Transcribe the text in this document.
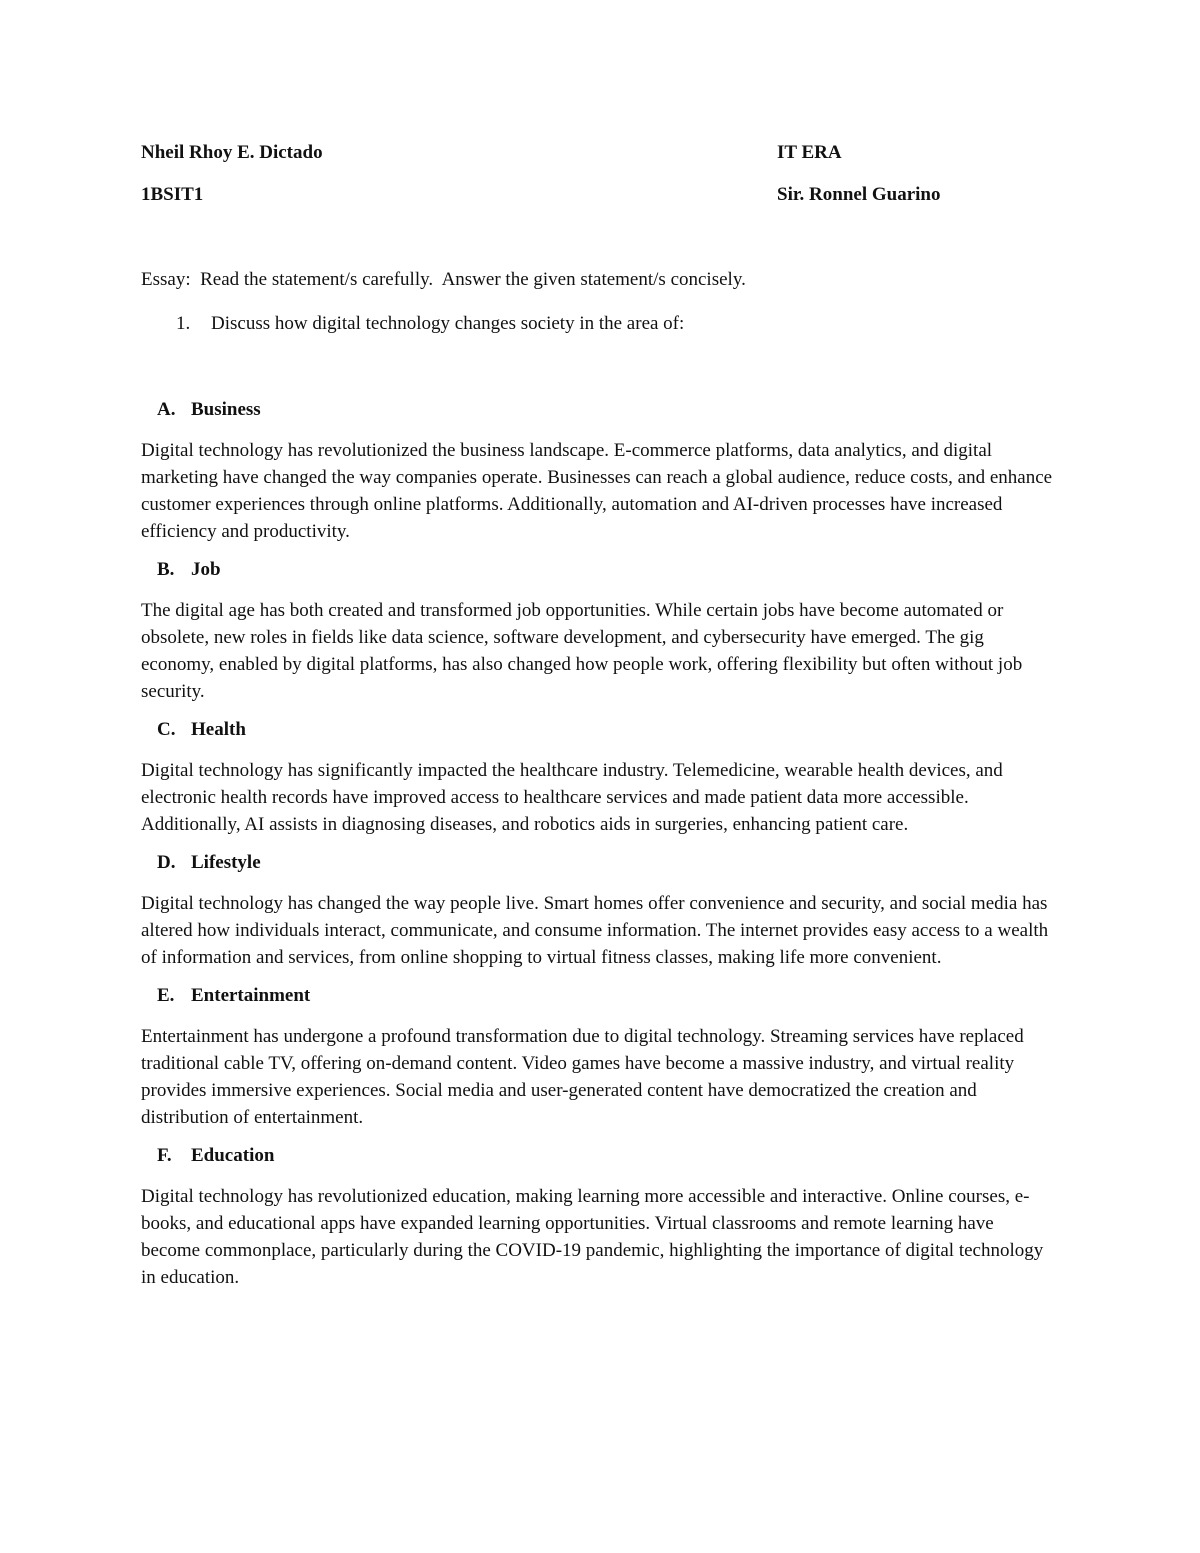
Nheil Rhoy E. Dictado	IT ERA
1BSIT1	Sir. Ronnel Guarino
Essay:  Read the statement/s carefully.  Answer the given statement/s concisely.
1. Discuss how digital technology changes society in the area of:
A. Business

Digital technology has revolutionized the business landscape. E-commerce platforms, data analytics, and digital marketing have changed the way companies operate. Businesses can reach a global audience, reduce costs, and enhance customer experiences through online platforms. Additionally, automation and AI-driven processes have increased efficiency and productivity.

B. Job

The digital age has both created and transformed job opportunities. While certain jobs have become automated or obsolete, new roles in fields like data science, software development, and cybersecurity have emerged. The gig economy, enabled by digital platforms, has also changed how people work, offering flexibility but often without job security.

C. Health

Digital technology has significantly impacted the healthcare industry. Telemedicine, wearable health devices, and electronic health records have improved access to healthcare services and made patient data more accessible. Additionally, AI assists in diagnosing diseases, and robotics aids in surgeries, enhancing patient care.

D. Lifestyle

Digital technology has changed the way people live. Smart homes offer convenience and security, and social media has altered how individuals interact, communicate, and consume information. The internet provides easy access to a wealth of information and services, from online shopping to virtual fitness classes, making life more convenient.

E. Entertainment

Entertainment has undergone a profound transformation due to digital technology. Streaming services have replaced traditional cable TV, offering on-demand content. Video games have become a massive industry, and virtual reality provides immersive experiences. Social media and user-generated content have democratized the creation and distribution of entertainment.

F. Education

Digital technology has revolutionized education, making learning more accessible and interactive. Online courses, e-books, and educational apps have expanded learning opportunities. Virtual classrooms and remote learning have become commonplace, particularly during the COVID-19 pandemic, highlighting the importance of digital technology in education.
